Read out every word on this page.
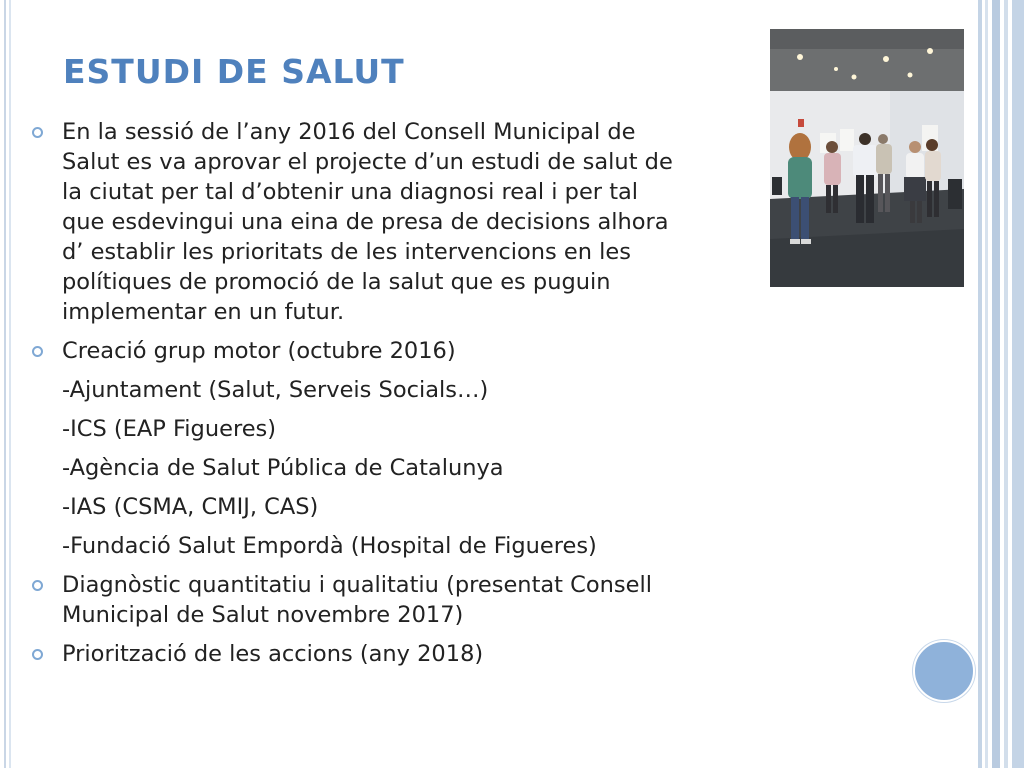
ESTUDI DE SALUT
En la sessió de l’any 2016 del Consell Municipal de
Salut es va aprovar el projecte d’un estudi de salut de
la ciutat per tal d’obtenir una diagnosi real i per tal
que esdevingui una eina de presa de decisions alhora
d’ establir les prioritats de les intervencions en les
polítiques de promoció de la salut que es puguin
implementar en un futur.
Creació grup motor (octubre 2016)
-Ajuntament (Salut, Serveis Socials…)
-ICS (EAP Figueres)
-Agència de Salut Pública de Catalunya
-IAS (CSMA, CMIJ, CAS)
-Fundació Salut Empordà (Hospital de Figueres)
Diagnòstic quantitatiu i qualitatiu (presentat Consell
Municipal de Salut novembre 2017)
Priorització de les accions (any 2018)
